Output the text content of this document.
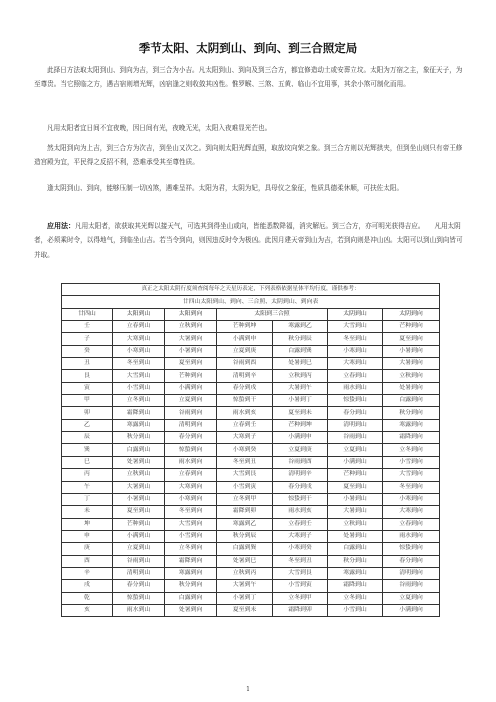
季节太阳、太阴到山、到向、到三合照定局

此择日方法取太阳到山、到向为吉，到三合为小吉。凡太阳到山、到向及到三合方，都宜修造动土或安葬立坟。太阳为万宿之主，象征天子，为至尊贵。当它照临之方，遇吉宿则增光辉，凶宿逢之则收敛其凶性。惟罗睺、三煞、五黄、临山不宜用事，其余小煞可制化而用。

凡用太阳者宜日间不宜夜晚，因日间有光，夜晚无光，太阳入夜难显光芒也。

然太阳到向为上吉，到三合方为次吉，到坐山又次之。到向则太阳光辉直照，取放坟向荣之象。到三合方则以光辉拱夹，但到坐山则只有帝王修造宫殿为宜，平民得之反招不利，恐难承受其至尊性质。

逢太阴到山、到向，能够压制一切凶煞，遇难呈祥。太阳为君，太阴为妃，具母仪之象征，性质具德柔休顺，可扶佐太阳。

应用法：凡用太阳者，欲获取其光辉以接天气，可选其到得坐山或向，皆能悉数降福，消灾解厄。到三合方，亦可明光获得吉应。　　凡用太阴者，必须乘时令，以得地气，到临坐山吉。若当令到向，则因违反时令为极凶。此因月建天帝到山为吉，若到向则是冲山凶。太阳可以到山到向皆可并取。

真正之太阳太阴行度须查阅每年之天星历表定，下列表格依据星体平均行度，谨供参考：						
廿四山太阳到山、到向、三合照、太阴到山、到向表						
廿四山	太阳到山	太阳到向	太阳到三合照		太阴到山	太阴到向
壬	立春到山	立秋到向	芒种到坤	寒露到乙	大雪到山	芒种到向
子	大寒到山	大暑到向	小满到申	秋分到辰	冬至到山	夏至到向
癸	小寒到山	小暑到向	立夏到庚	白露到巽	小寒到山	小暑到向
丑	冬至到山	夏至到向	谷雨到酉	处暑到巳	大寒到山	大暑到向
艮	大雪到山	芒种到向	清明到辛	立秋到丙	立春到山	立秋到向
寅	小雪到山	小满到向	春分到戌	大暑到午	雨水到山	处暑到向
甲	立冬到山	立夏到向	惊蛰到干	小暑到丁	惊蛰到山	白露到向
卯	霜降到山	谷雨到向	雨水到亥	夏至到未	春分到山	秋分到向
乙	寒露到山	清明到向	立春到壬	芒种到坤	清明到山	寒露到向
辰	秋分到山	春分到向	大寒到子	小满到申	谷雨到山	霜降到向
巽	白露到山	惊蛰到向	小寒到癸	立夏到庚	立夏到山	立冬到向
巳	处暑到山	雨水到向	冬至到丑	谷雨到酉	小满到山	小雪到向
丙	立秋到山	立春到向	大雪到艮	清明到辛	芒种到山	大雪到向
午	大暑到山	大寒到向	小雪到寅	春分到戌	夏至到山	冬至到向
丁	小暑到山	小寒到向	立冬到甲	惊蛰到干	小暑到山	小寒到向
未	夏至到山	冬至到向	霜降到卯	雨水到亥	大暑到山	大寒到向
坤	芒种到山	大雪到向	寒露到乙	立春到壬	立秋到山	立春到向
申	小满到山	小雪到向	秋分到辰	大寒到子	处暑到山	雨水到向
庚	立夏到山	立冬到向	白露到巽	小寒到癸	白露到山	惊蛰到向
酉	谷雨到山	霜降到向	处暑到巳	冬至到丑	秋分到山	春分到向
辛	清明到山	寒露到向	立秋到丙	大雪到艮	寒露到山	清明到向
戌	春分到山	秋分到向	大暑到午	小雪到寅	霜降到山	谷雨到向
乾	惊蛰到山	白露到向	小暑到丁	立冬到甲	立冬到山	立夏到向
亥	雨水到山	处暑到向	夏至到未	霜降到卯	小雪到山	小满到向
1
